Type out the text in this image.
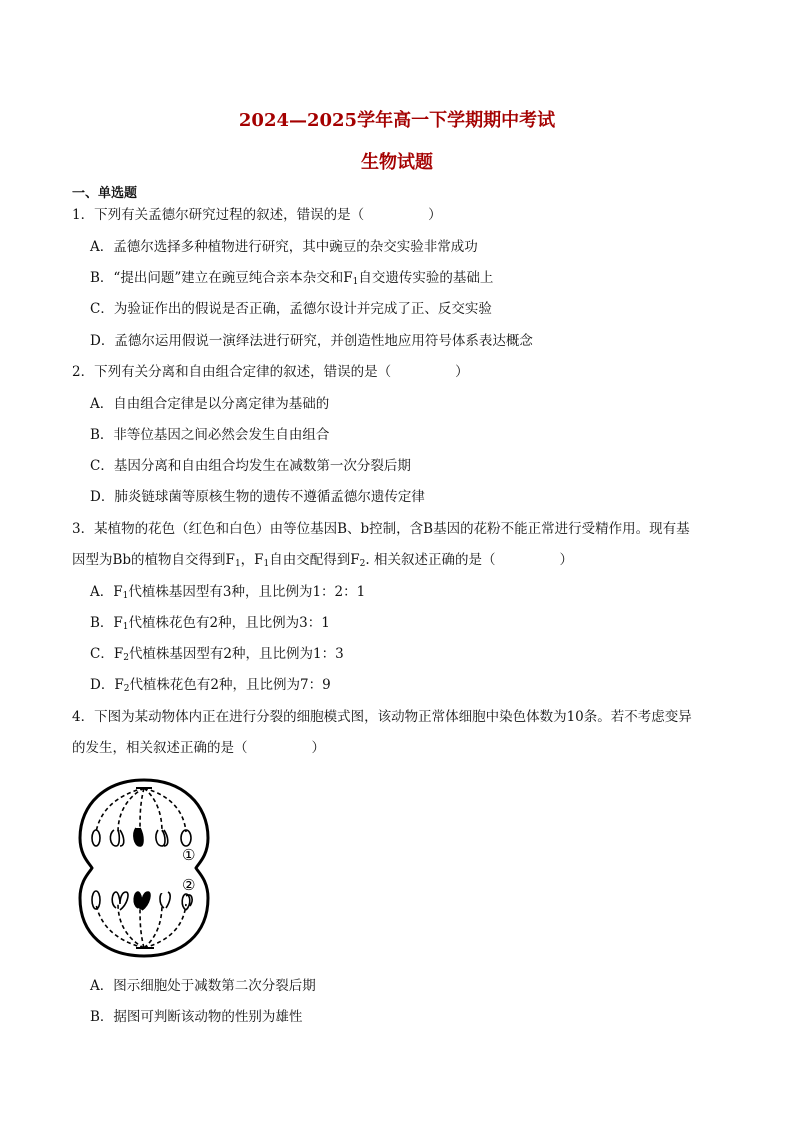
2024—2025学年高一下学期期中考试
生物试题
一、单选题
1．下列有关孟德尔研究过程的叙述，错误的是（	）
A．孟德尔选择多种植物进行研究，其中豌豆的杂交实验非常成功
B．“提出问题”建立在豌豆纯合亲本杂交和$F_1$自交遗传实验的基础上
C．为验证作出的假说是否正确，孟德尔设计并完成了正、反交实验
D．孟德尔运用假说一演绎法进行研究，并创造性地应用符号体系表达概念
2．下列有关分离和自由组合定律的叙述，错误的是（	）
A．自由组合定律是以分离定律为基础的
B．非等位基因之间必然会发生自由组合
C．基因分离和自由组合均发生在减数第一次分裂后期
D．肺炎链球菌等原核生物的遗传不遵循孟德尔遗传定律
3．某植物的花色（红色和白色）由等位基因B、b控制，含B基因的花粉不能正常进行受精作用。现有基
因型为Bb的植物自交得到$F_1$，$F_1$自由交配得到$F_2$. 相关叙述正确的是（	）
A．$F_1$代植株基因型有3种，且比例为1：2：1
B．$F_1$代植株花色有2种，且比例为3：1
C．$F_2$代植株基因型有2种，且比例为1：3
D．$F_2$代植株花色有2种，且比例为7：9
4．下图为某动物体内正在进行分裂的细胞模式图，该动物正常体细胞中染色体数为10条。若不考虑变异
的发生，相关叙述正确的是（	）
①
②
A．图示细胞处于减数第二次分裂后期
B．据图可判断该动物的性别为雄性
